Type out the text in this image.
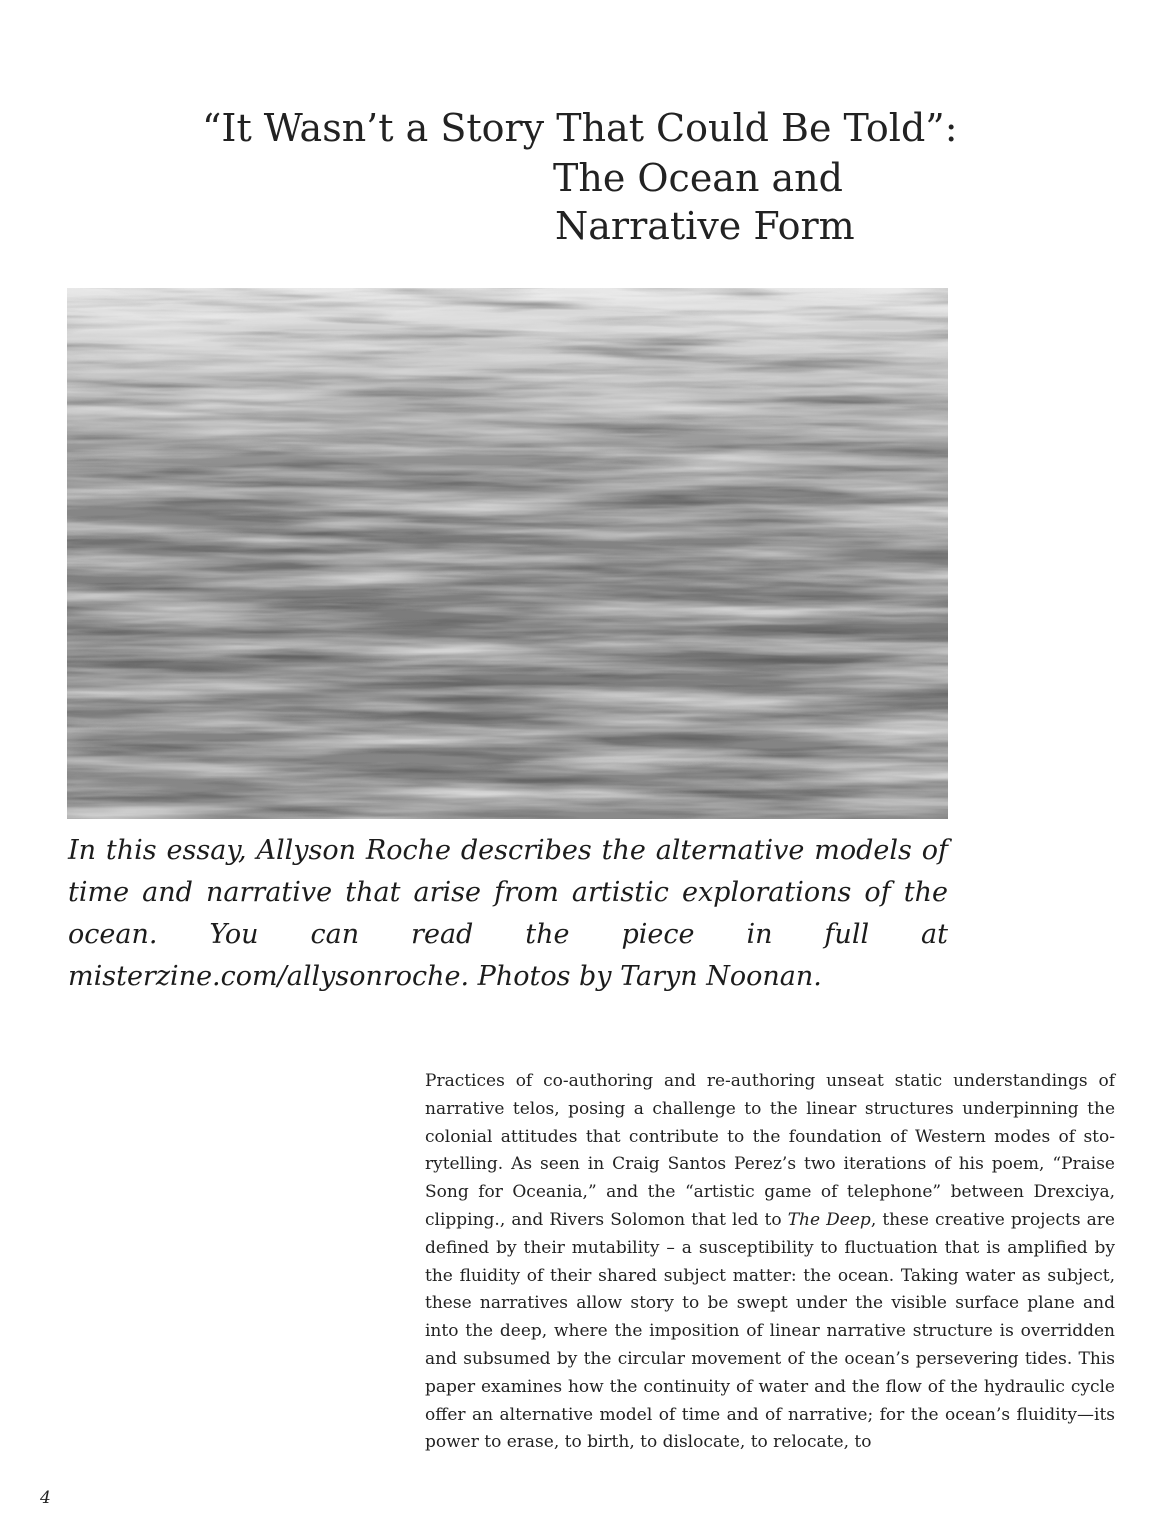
“It Wasn’t a Story That Could Be Told”:
The Ocean and
Narrative Form

In this essay, Allyson Roche describes the alternative models of time and narrative that arise from artistic explorations of the ocean. You can read the piece in full at misterzine.com/allysonroche. Photos by Taryn Noonan.

Practices of co-authoring and re-authoring unseat static understandings of narrative telos, posing a challenge to the linear structures underpinning the colonial attitudes that contribute to the foundation of Western modes of storytelling. As seen in Craig Santos Perez’s two iterations of his poem, “Praise Song for Oceania,” and the “artistic game of telephone” between Drexciya, clipping., and Rivers Solomon that led to The Deep, these creative projects are defined by their mutability – a susceptibility to fluctuation that is amplified by the fluidity of their shared subject matter: the ocean. Taking water as subject, these narratives allow story to be swept under the visible surface plane and into the deep, where the imposition of linear narrative structure is overridden and subsumed by the circular movement of the ocean’s persevering tides. This paper examines how the continuity of water and the flow of the hydraulic cycle offer an alternative model of time and of narrative; for the ocean’s fluidity—its power to erase, to birth, to dislocate, to relocate, to

4
